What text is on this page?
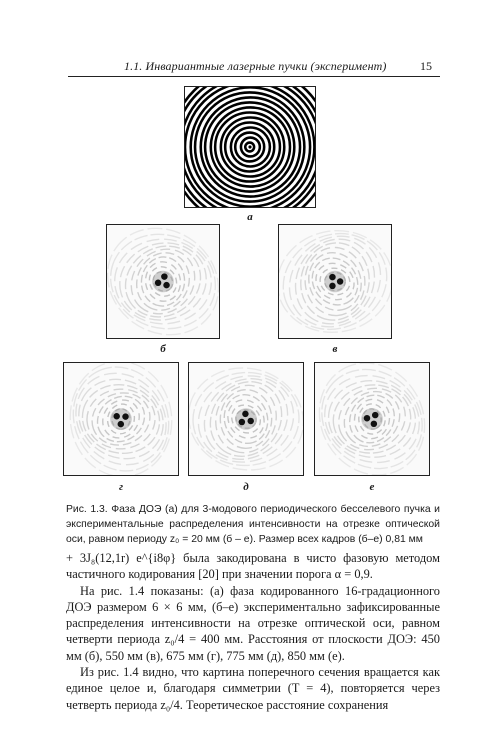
1.1. Инвариантные лазерные пучки (эксперимент)	15
а
б	в
г	д	е
Рис. 1.3. Фаза ДОЭ (а) для 3-модового периодического бесселевого пучка и экспериментальные распределения интенсивности на отрезке оптической оси, равном периоду z₀ = 20 мм (б – е). Размер всех кадров (б–е) 0,81 мм

+ 3J₈(12,1r) e^{i8φ} была закодирована в чисто фазовую методом частичного кодирования [20] при значении порога α = 0,9.

На рис. 1.4 показаны: (а) фаза кодированного 16-градационного ДОЭ размером 6 × 6 мм, (б–е) экспериментально зафиксированные распределения интенсивности на отрезке оптической оси, равном четверти периода z₀/4 = 400 мм. Расстояния от плоскости ДОЭ: 450 мм (б), 550 мм (в), 675 мм (г), 775 мм (д), 850 мм (е).

Из рис. 1.4 видно, что картина поперечного сечения вращается как единое целое и, благодаря симметрии (T = 4), повторяется через четверть периода z₀/4. Теоретическое расстояние сохранения
